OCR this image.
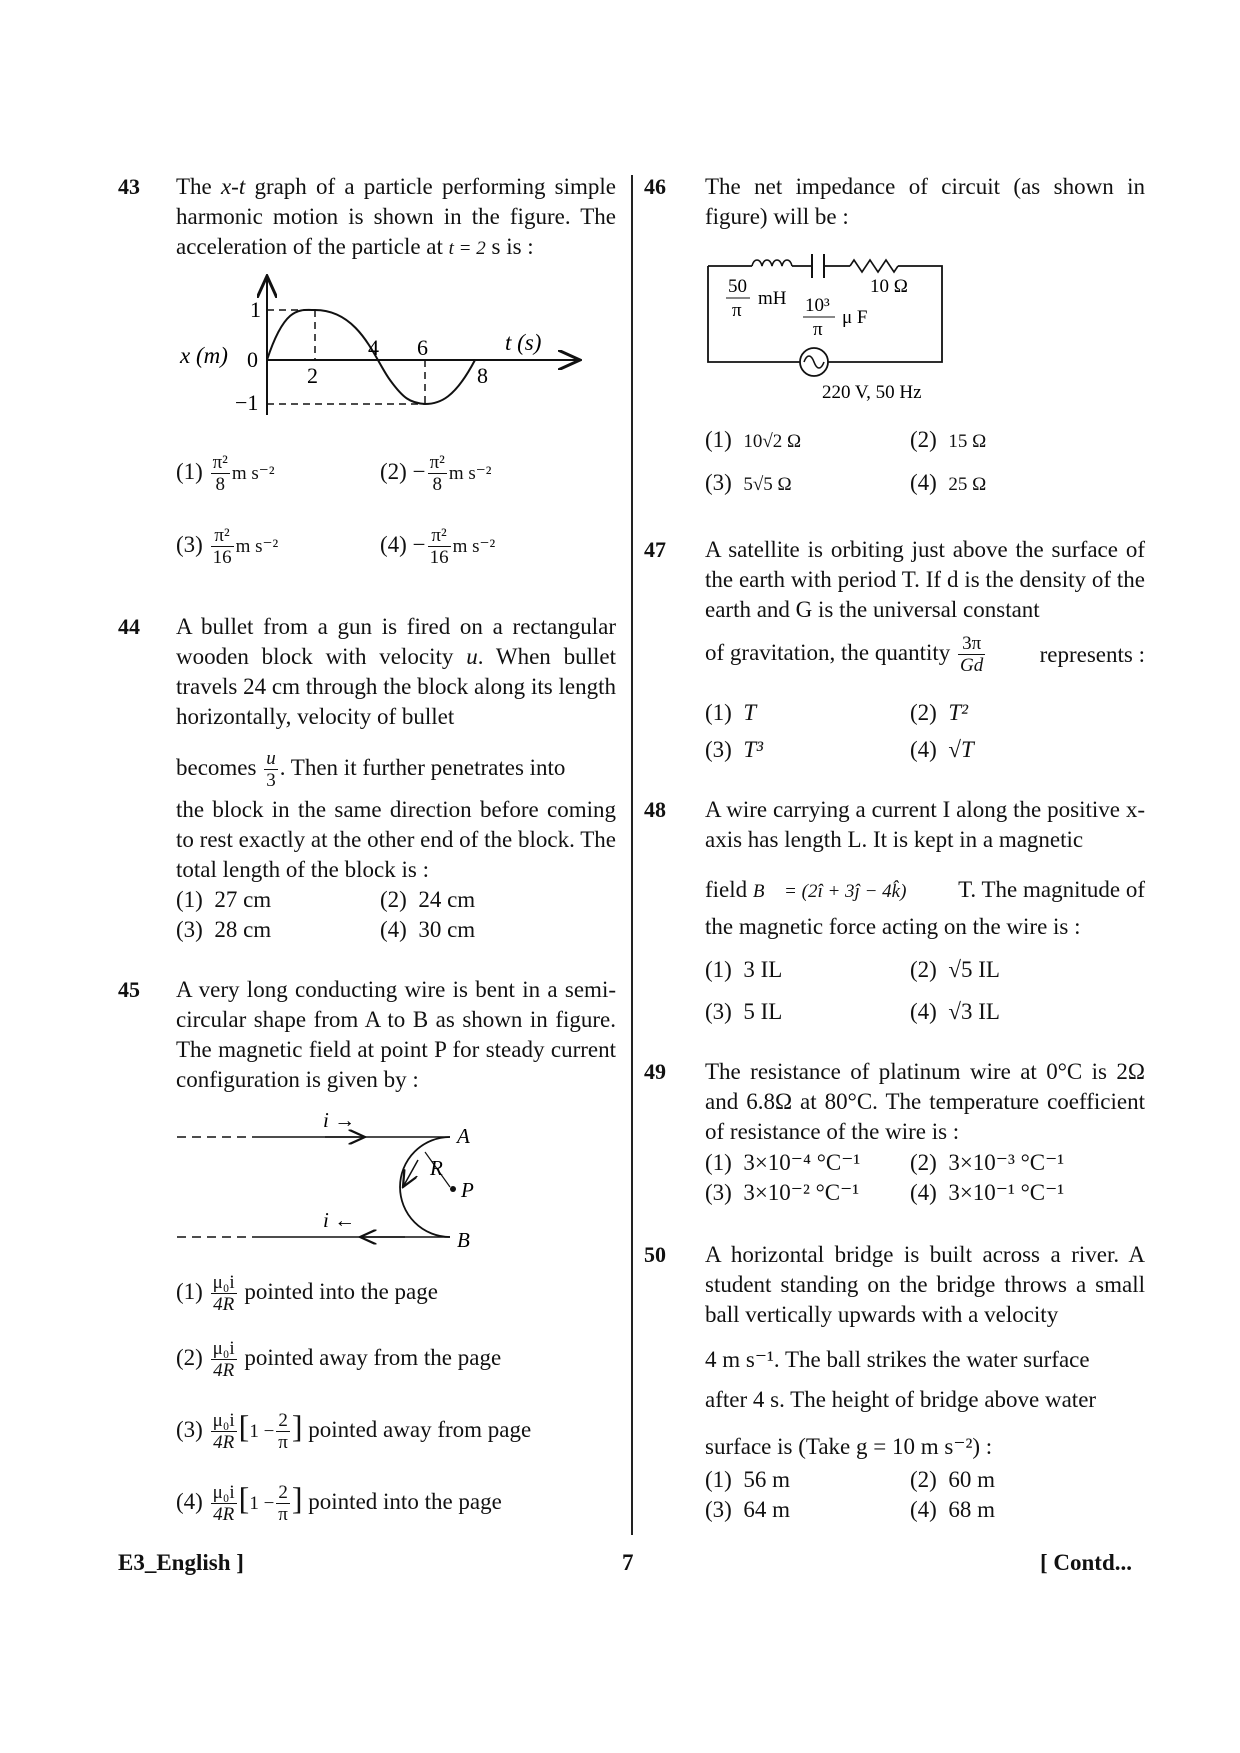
43 The x-t graph of a particle performing simple harmonic motion is shown in the figure. The acceleration of the particle at t = 2 s is :
1
0
−1
x (m)
t (s)
2
4 6
8
$(1) \frac{\text{π²}}{8}$ m s⁻²	$(2) - \frac{\text{π²}}{8}$ m s⁻²
$(3) \frac{\text{π²}}{16}$ m s⁻²	$(4) - \frac{\text{π²}}{16}$ m s⁻²
44 A bullet from a gun is fired on a rectangular wooden block with velocity u. When bullet travels 24 cm through the block along its length horizontally, velocity of bullet
becomes $\frac{u}{3}$ . Then it further penetrates into
the block in the same direction before coming to rest exactly at the other end of the block. The total length of the block is :
(1) 27 cm	(2) 24 cm
(3) 28 cm	(4) 30 cm
45 A very long conducting wire is bent in a semi-circular shape from A to B as shown in figure. The magnetic field at point P for steady current configuration is given by :
i →
i ←
A
B
R
P
$(1) \frac{\text{μ₀i}}{4R}$ pointed into the page
$(2) \frac{\text{μ₀i}}{4R}$ pointed away from the page
$(3) \frac{\text{μ₀i}}{4R} [1 - \frac{2}{\pi}$ ] pointed away from page
$(4) \frac{\text{μ₀i}}{4R} [1 - \frac{2}{\pi}$ ] pointed into the page
46 The net impedance of circuit (as shown in figure) will be :
50
π
mH 10³
π
μ F
10 Ω
220 V, 50 Hz
(1) 10√2 Ω	(2) 15 Ω
(3) 5√5 Ω	(4) 25 Ω
47 A satellite is orbiting just above the surface of the earth with period T. If d is the density of the earth and G is the universal constant
of gravitation, the quantity $\frac{3\pi}{Gd}$ represents :
(1) T	(2) T²
(3) T³	(4) √T
48 A wire carrying a current I along the positive x-axis has length L. It is kept in a magnetic
field B⃗ = (2î + 3ĵ − 4k̂) T. The magnitude of
the magnetic force acting on the wire is :
(1) 3 IL	(2) √5 IL
(3) 5 IL	(4) √3 IL
49 The resistance of platinum wire at 0°C is 2Ω and 6.8Ω at 80°C. The temperature coefficient of resistance of the wire is :
(1) 3×10⁻⁴ °C⁻¹ (2) 3×10⁻³ °C⁻¹
(3) 3×10⁻² °C⁻¹ (4) 3×10⁻¹ °C⁻¹
50 A horizontal bridge is built across a river. A student standing on the bridge throws a small ball vertically upwards with a velocity
4 m s⁻¹. The ball strikes the water surface
after 4 s. The height of bridge above water
surface is (Take g = 10 m s⁻²) :
(1) 56 m	(2) 60 m
(3) 64 m	(4) 68 m
E3_English ]	7	[ Contd...
